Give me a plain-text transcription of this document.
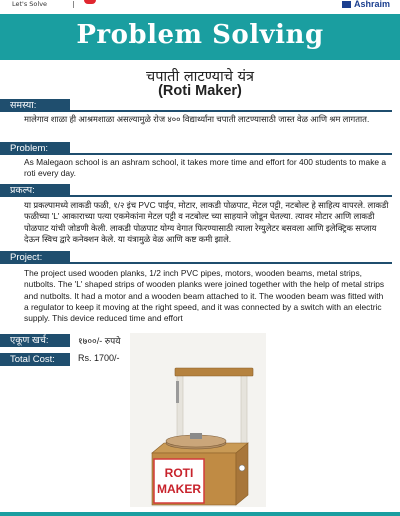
Let's Solve	Ashraim
Problem Solving
चपाती लाटण्याचे यंत्र
(Roti Maker)
समस्या:
मालेगाव शाळा ही आश्रमशाळा असल्यामुळे रोज ४०० विद्यार्थ्यांना चपाती लाटण्यासाठी जास्त वेळ आणि श्रम लागतात.
Problem:
As Malegaon school is an ashram school, it takes more time and effort for 400 students to make a roti every day.
प्रकल्प:
या प्रकल्पामध्ये लाकडी फळी, १/२ इंच PVC पाईप, मोटार, लाकडी पोळपाट, मेटल पट्टी, नटबोल्ट हे साहित्य वापरले. लाकडी फळीच्या 'L' आकाराच्या पत्या एकमेकांना मेटल पट्टी व नटबोल्ट च्या साहयाने जोडून घेतल्या. त्यावर मोटार आणि लाकडी पोळपाट यांची जोडणी केली. लाकडी पोळपाट योग्य वेगात फिरण्यासाठी त्याला रेग्युलेटर बसवला आणि इलेक्ट्रिक सप्लाय देऊन स्विच द्वारे कनेक्शन केले. या यंत्रामुळे वेळ आणि कष्ट कमी झाले.
Project:
The project used wooden planks, 1/2 inch PVC pipes, motors, wooden beams, metal strips, nutbolts. The 'L' shaped strips of wooden planks were joined together with the help of metal strips and nutbolts. It had a motor and a wooden beam attached to it. The wooden beam was fitted with a regulator to keep it moving at the right speed, and it was connected by a switch with an electric supply. This device reduced time and effort
एकूण खर्च:	१७००/- रुपये
Total Cost:	Rs. 1700/-
ROTI
MAKER
